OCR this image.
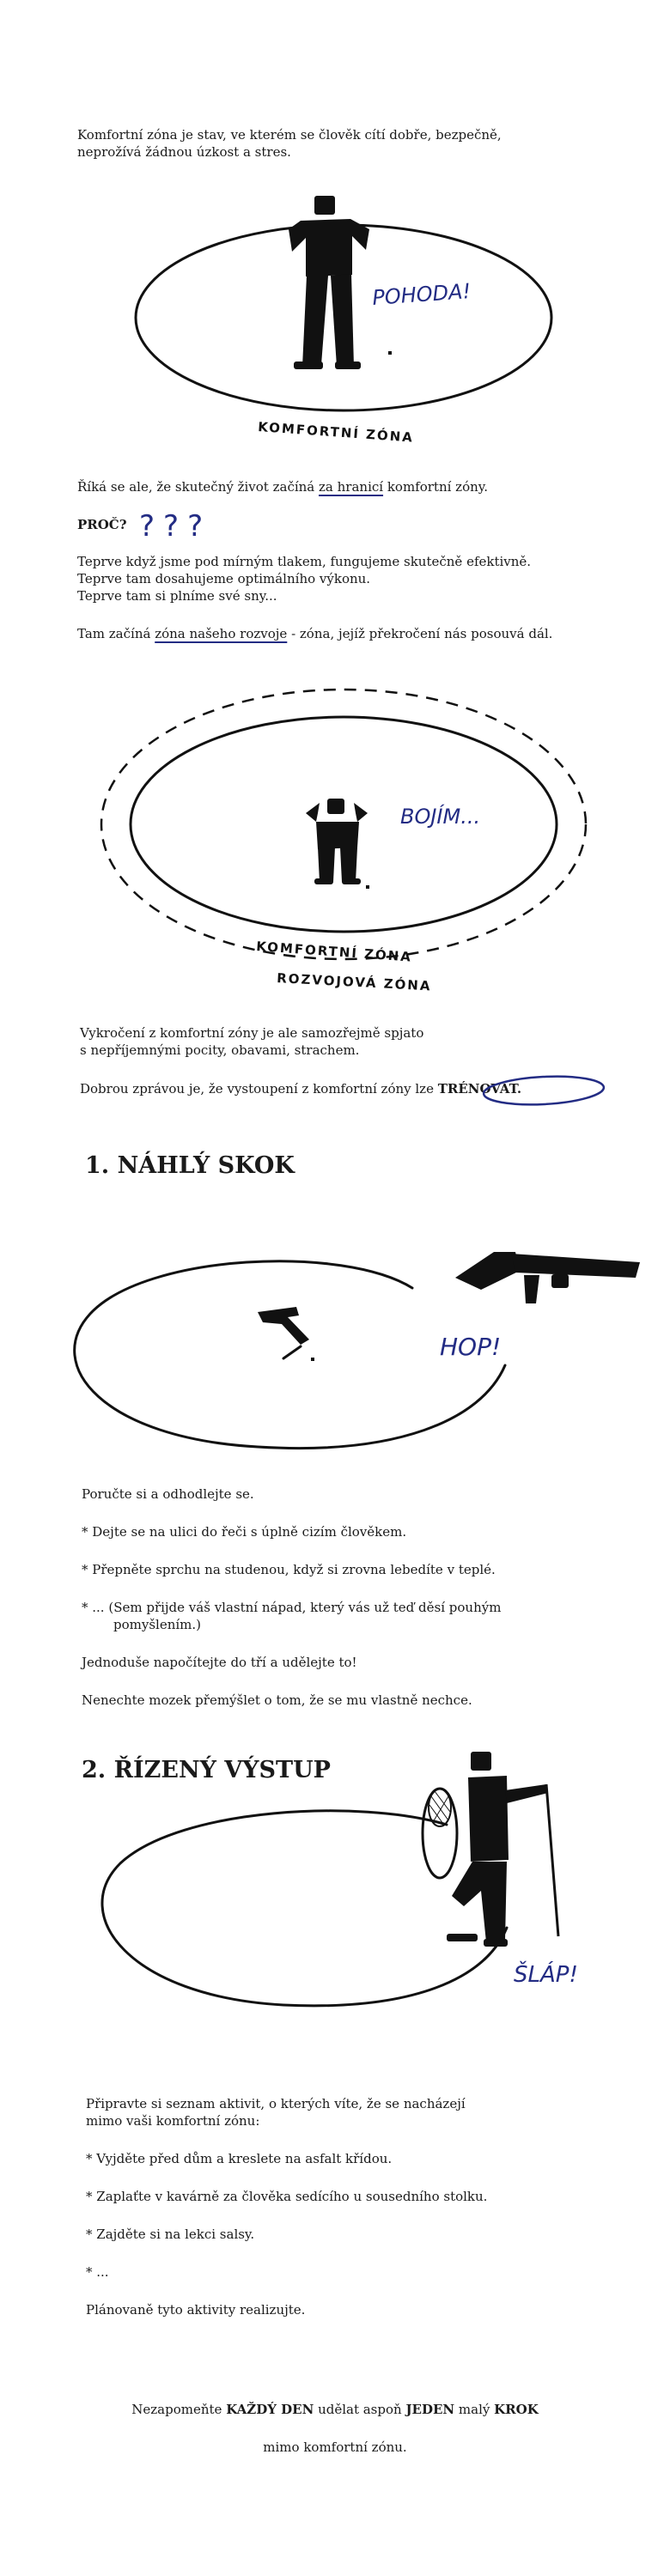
Komfortní zóna je stav, ve kterém se člověk cítí dobře, bezpečně,

neprožívá žádnou úzkost a stres.

POHODA!
KOMFORTNÍ ZÓNA

Říká se ale, že skutečný život začíná za hranicí komfortní zóny.

PROČ? ???

Teprve když jsme pod mírným tlakem, fungujeme skutečně efektivně.

Teprve tam dosahujeme optimálního výkonu.

Teprve tam si plníme své sny...

Tam začíná zóna našeho rozvoje - zóna, jejíž překročení nás posouvá dál.

BOJÍM...
KOMFORTNÍ ZÓNA
ROZVOJOVÁ ZÓNA

Vykročení z komfortní zóny je ale samozřejmě spjato

s nepříjemnými pocity, obavami, strachem.

Dobrou zprávou je, že vystoupení z komfortní zóny lze TRÉNOVAT.

1. NÁHLÝ SKOK

HOP!

Poručte si a odhodlejte se.

* Dejte se na ulici do řeči s úplně cizím člověkem.

* Přepněte sprchu na studenou, když si zrovna lebedíte v teplé.

* ... (Sem přijde váš vlastní nápad, který vás už teď děsí pouhým

pomyšlením.)

Jednoduše napočítejte do tří a udělejte to!

Nenechte mozek přemýšlet o tom, že se mu vlastně nechce.

2. ŘÍZENÝ VÝSTUP

ŠLÁP!

Připravte si seznam aktivit, o kterých víte, že se nacházejí

mimo vaši komfortní zónu:

* Vyjděte před dům a kreslete na asfalt křídou.

* Zaplaťte v kavárně za člověka sedícího u sousedního stolku.

* Zajděte si na lekci salsy.

* ...

Plánovaně tyto aktivity realizujte.

Nezapomeňte KAŽDÝ DEN udělat aspoň JEDEN malý KROK

mimo komfortní zónu.
